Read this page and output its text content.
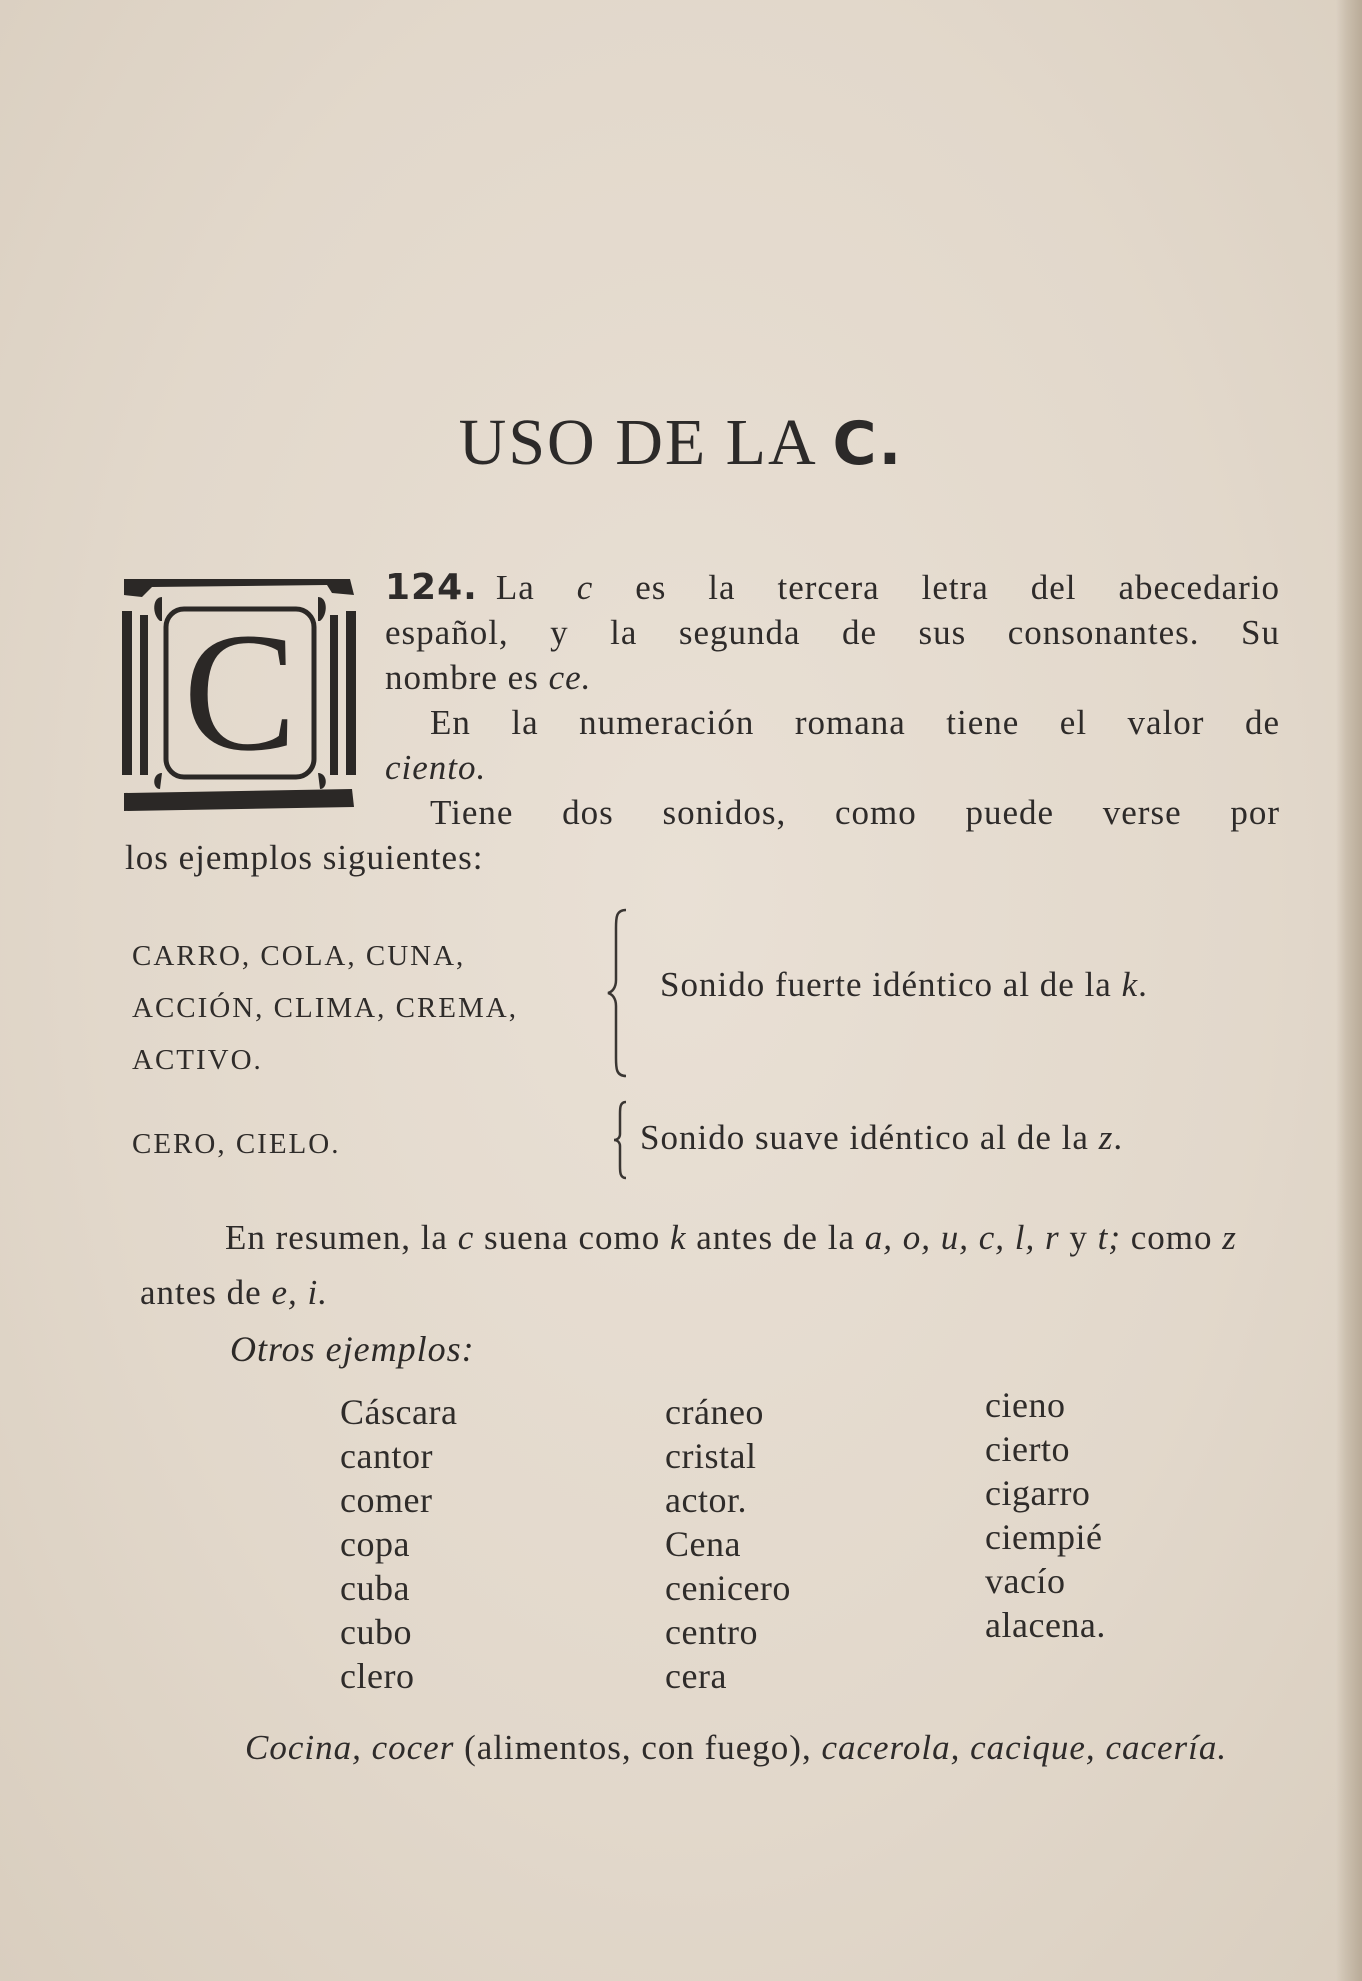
USO DE LA C.
C
124. La c es la tercera letra del abecedario
español, y la segunda de sus consonantes. Su
nombre es ce.
En la numeración romana tiene el valor de
ciento.
Tiene dos sonidos, como puede verse por
los ejemplos siguientes:
CARRO, COLA, CUNA,
ACCIÓN, CLIMA, CREMA,
ACTIVO.
Sonido fuerte idéntico al de la k.
CERO, CIELO.	Sonido suave idéntico al de la z.
En resumen, la c suena como k antes de la a, o, u, c, l, r y t; como z antes de e, i.
Otros ejemplos:
Cáscara
cantor
comer
copa
cuba
cubo
clero
cráneo
cristal
actor.
Cena
cenicero
centro
cera
cieno
cierto
cigarro
ciempié
vacío
alacena.
Cocina, cocer (alimentos, con fuego), cacerola, cacique, cacería.
